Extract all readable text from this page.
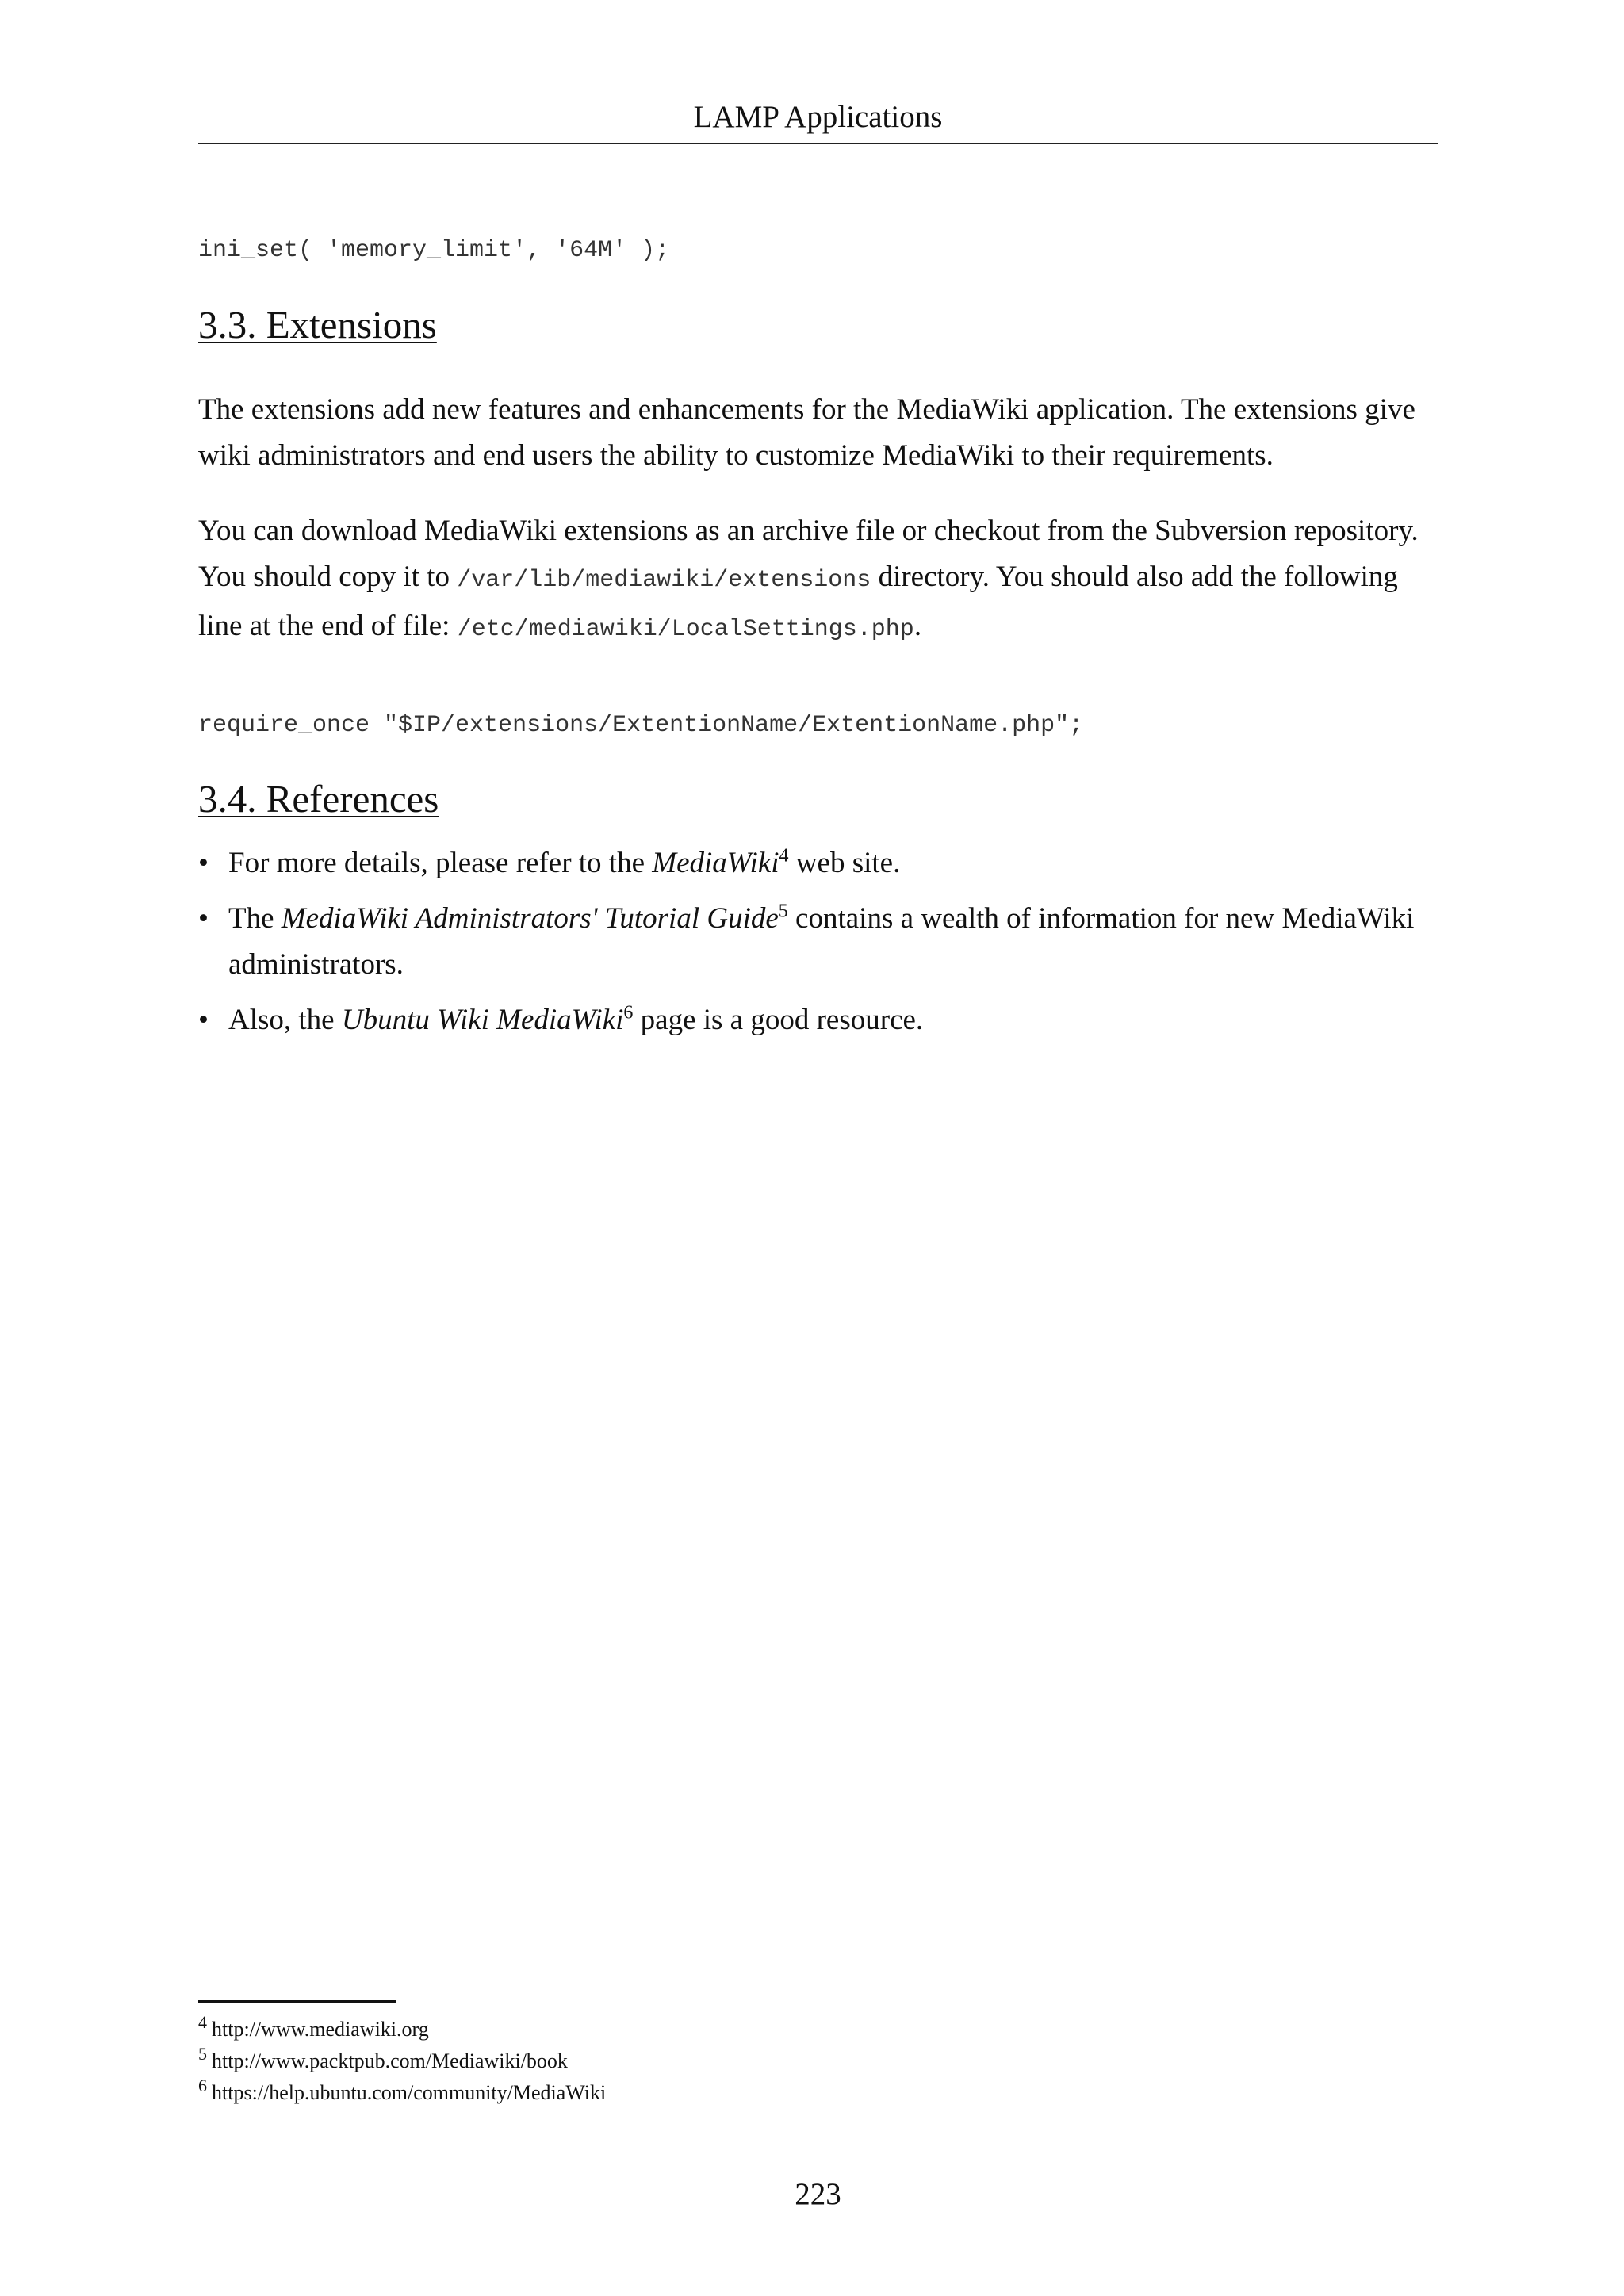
LAMP Applications
ini_set( 'memory_limit', '64M' );
3.3. Extensions

The extensions add new features and enhancements for the MediaWiki application. The extensions give wiki administrators and end users the ability to customize MediaWiki to their requirements.

You can download MediaWiki extensions as an archive file or checkout from the Subversion repository. You should copy it to /var/lib/mediawiki/extensions directory. You should also add the following line at the end of file: /etc/mediawiki/LocalSettings.php.

require_once "$IP/extensions/ExtentionName/ExtentionName.php";
3.4. References
• For more details, please refer to the MediaWiki$^4$ web site.
• The MediaWiki Administrators' Tutorial Guide$^5$ contains a wealth of information for new MediaWiki administrators.
• Also, the Ubuntu Wiki MediaWiki$^6$ page is a good resource.
$^4$ http://www.mediawiki.org
$^5$ http://www.packtpub.com/Mediawiki/book
$^6$ https://help.ubuntu.com/community/MediaWiki
223
